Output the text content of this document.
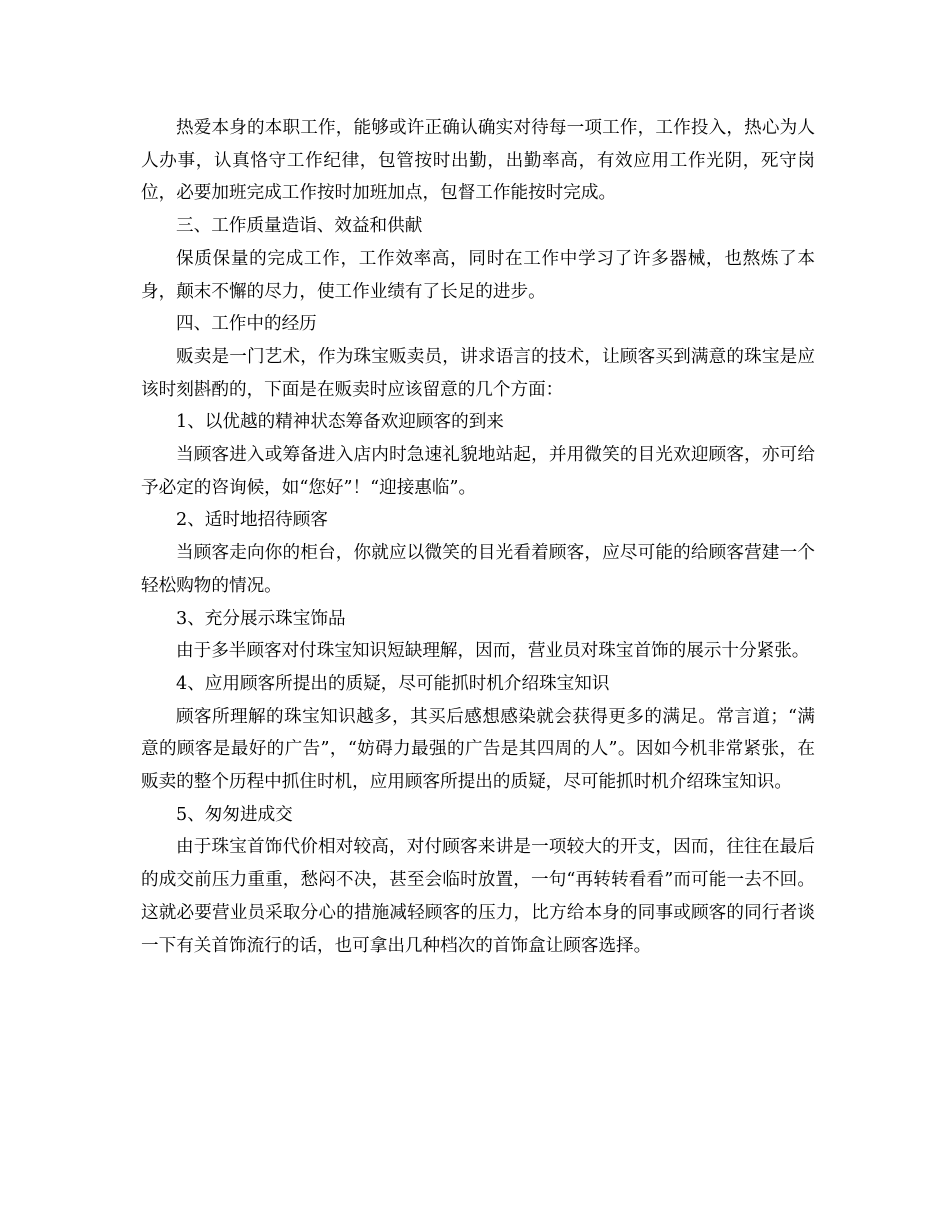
热爱本身的本职工作，能够或许正确认确实对待每一项工作，工作投入，热心为人人办事，认真恪守工作纪律，包管按时出勤，出勤率高，有效应用工作光阴，死守岗位，必要加班完成工作按时加班加点，包督工作能按时完成。

三、工作质量造诣、效益和供献

保质保量的完成工作，工作效率高，同时在工作中学习了许多器械，也熬炼了本身，颠末不懈的尽力，使工作业绩有了长足的进步。

四、工作中的经历

贩卖是一门艺术，作为珠宝贩卖员，讲求语言的技术，让顾客买到满意的珠宝是应该时刻斟酌的，下面是在贩卖时应该留意的几个方面：

1、以优越的精神状态筹备欢迎顾客的到来

当顾客进入或筹备进入店内时急速礼貌地站起，并用微笑的目光欢迎顾客，亦可给予必定的咨询候，如“您好”！“迎接惠临”。

2、适时地招待顾客

当顾客走向你的柜台，你就应以微笑的目光看着顾客，应尽可能的给顾客营建一个轻松购物的情况。

3、充分展示珠宝饰品

由于多半顾客对付珠宝知识短缺理解，因而，营业员对珠宝首饰的展示十分紧张。

4、应用顾客所提出的质疑，尽可能抓时机介绍珠宝知识

顾客所理解的珠宝知识越多，其买后感想感染就会获得更多的满足。常言道；“满意的顾客是最好的广告”，“妨碍力最强的广告是其四周的人”。因如今机非常紧张，在贩卖的整个历程中抓住时机，应用顾客所提出的质疑，尽可能抓时机介绍珠宝知识。

5、匆匆进成交

由于珠宝首饰代价相对较高，对付顾客来讲是一项较大的开支，因而，往往在最后的成交前压力重重，愁闷不决，甚至会临时放置，一句“再转转看看”而可能一去不回。这就必要营业员采取分心的措施减轻顾客的压力，比方给本身的同事或顾客的同行者谈一下有关首饰流行的话，也可拿出几种档次的首饰盒让顾客选择。
